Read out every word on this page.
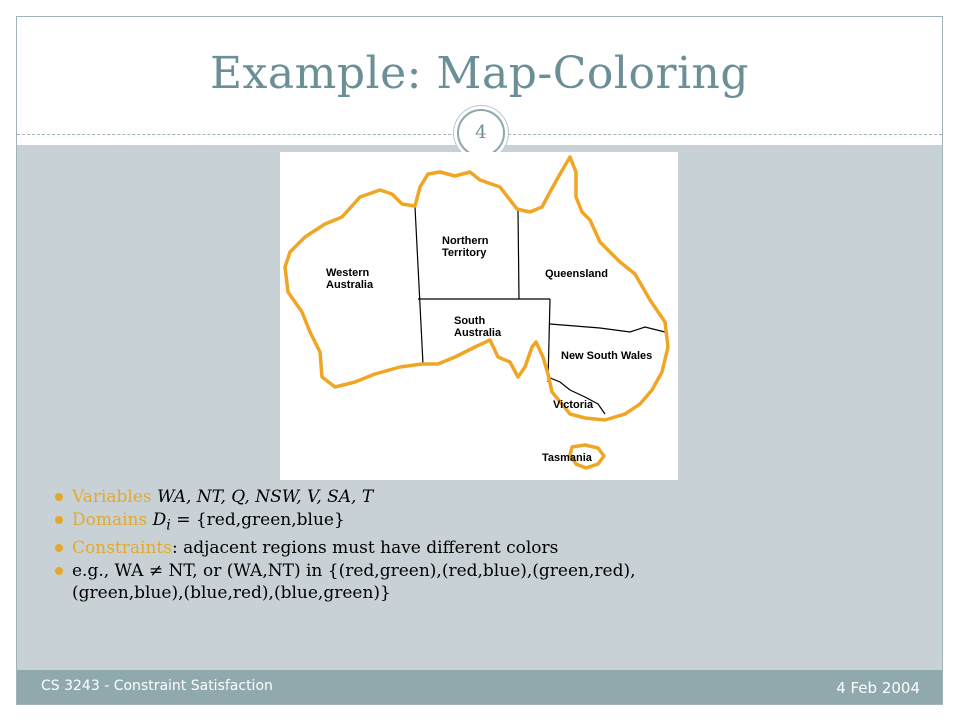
Example: Map-Coloring
4
Western Australia
Northern Territory
Queensland
South Australia
New South Wales
Victoria
Tasmania
Variables WA, NT, Q, NSW, V, SA, T
Domains $D_i$ = {red,green,blue}
Constraints: adjacent regions must have different colors
e.g., WA ≠ NT, or (WA,NT) in {(red,green),(red,blue),(green,red),
(green,blue),(blue,red),(blue,green)}
CS 3243 - Constraint Satisfaction	4 Feb 2004
